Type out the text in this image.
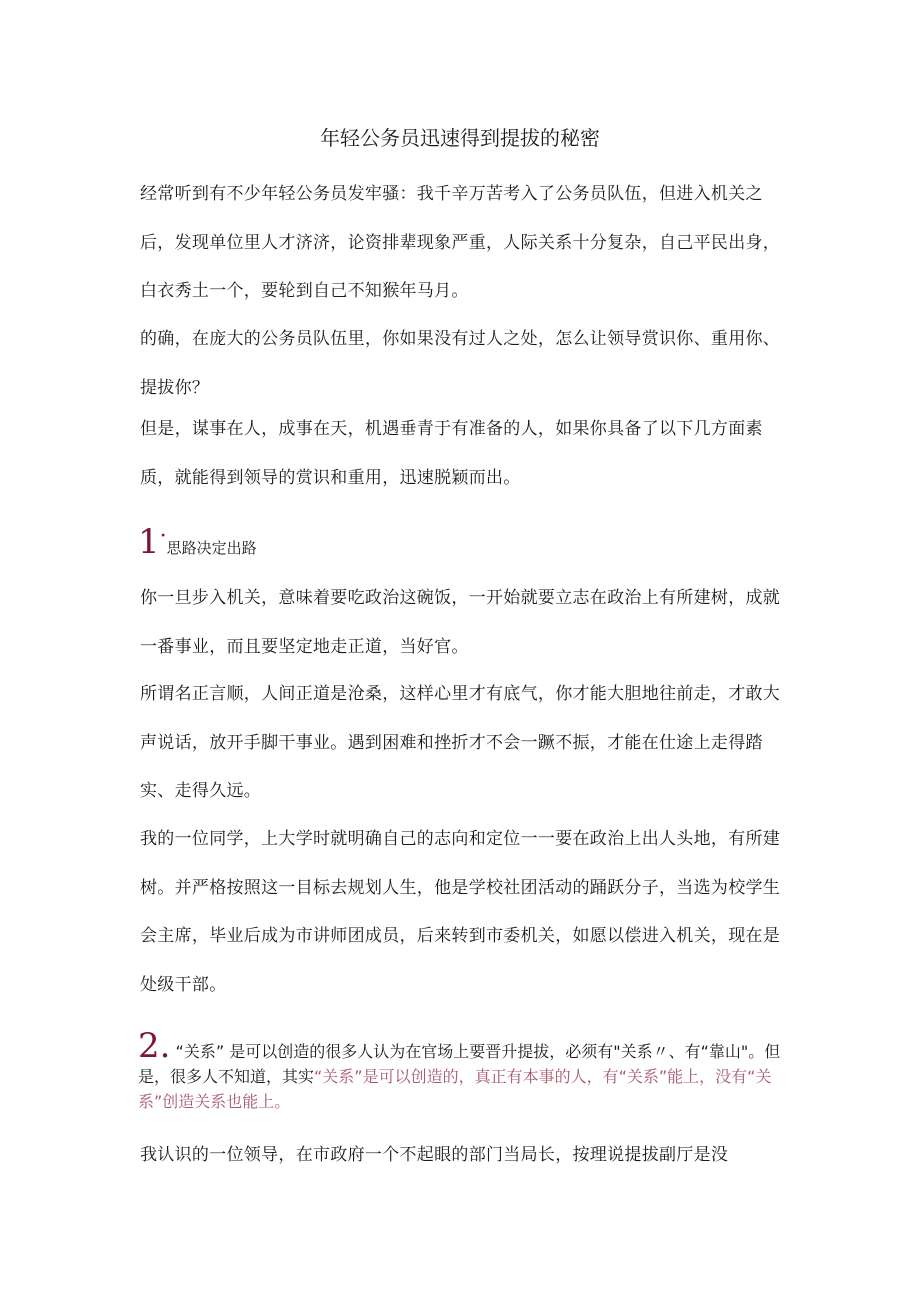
年轻公务员迅速得到提拔的秘密

经常听到有不少年轻公务员发牢骚：我千辛万苦考入了公务员队伍，但进入机关之后，发现单位里人才济济，论资排辈现象严重，人际关系十分复杂，自己平民出身，白衣秀土一个，要轮到自己不知猴年马月。

的确，在庞大的公务员队伍里，你如果没有过人之处，怎么让领导赏识你、重用你、提拔你？

但是，谋事在人，成事在天，机遇垂青于有准备的人，如果你具备了以下几方面素质，就能得到领导的赏识和重用，迅速脱颖而出。

1·思路决定出路

你一旦步入机关，意味着要吃政治这碗饭，一开始就要立志在政治上有所建树，成就一番事业，而且要坚定地走正道，当好官。

所谓名正言顺，人间正道是沧桑，这样心里才有底气，你才能大胆地往前走，才敢大声说话，放开手脚干事业。遇到困难和挫折才不会一蹶不振，才能在仕途上走得踏实、走得久远。

我的一位同学，上大学时就明确自己的志向和定位一一要在政治上出人头地，有所建树。并严格按照这一目标去规划人生，他是学校社团活动的踊跃分子，当选为校学生会主席，毕业后成为市讲师团成员，后来转到市委机关，如愿以偿进入机关，现在是处级干部。

2. “关系” 是可以创造的很多人认为在官场上要晋升提拔，必须有"关系〃、有“靠山"。但是，很多人不知道，其实“关系”是可以创造的，真正有本事的人，有“关系”能上，没有“关系”创造关系也能上。

我认识的一位领导，在市政府一个不起眼的部门当局长，按理说提拔副厅是没
